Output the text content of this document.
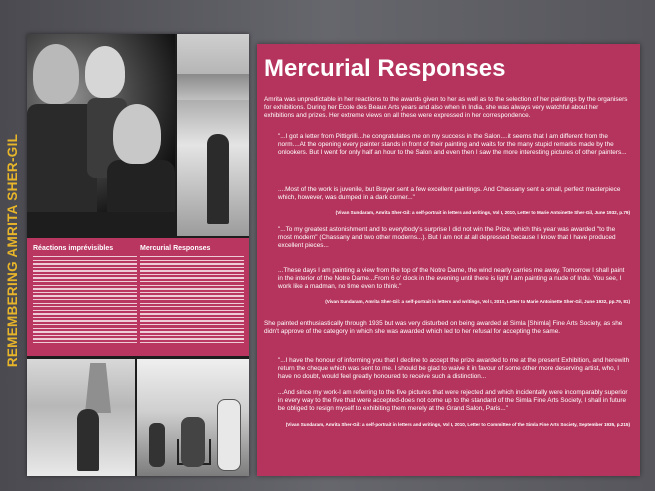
REMEMBERING AMRITA SHER-GIL Réactions imprévisibles	Mercurial Responses
Mercurial Responses

Amrita was unpredictable in her reactions to the awards given to her as well as to the selection of her paintings by the organisers for exhibitions. During her Ecole des Beaux Arts years and also when in India, she was always very watchful about her exhibitions and prizes. Her extreme views on all these were expressed in her correspondence.

"...I got a letter from Pittigrilli...he congratulates me on my success in the Salon....it seems that I am different from the norm....At the opening every painter stands in front of their painting and waits for the many stupid remarks made by the onlookers. But I went for only half an hour to the Salon and even then I saw the more interesting pictures of other painters...

....Most of the work is juvenile, but Brayer sent a few excellent paintings. And Chassany sent a small, perfect masterpiece which, however, was dumped in a dark corner..."

(Vivan Sundaram, Amrita Sher-Gil: a self-portrait in letters and writings, Vol I, 2010, Letter to Marie Antoinette Sher-Gil, June 1932, p.79)

"...To my greatest astonishment and to everybody's surprise I did not win the Prize, which this year was awarded "to the most modern" (Chassany and two other moderns...). But I am not at all depressed because I know that I have produced excellent pieces...

...These days I am painting a view from the top of the Notre Dame, the wind nearly carries me away. Tomorrow I shall paint in the interior of the Notre Dame...From 6 o' clock in the evening until there is light I am painting a nude of Indu. You see, I work like a madman, no time even to think."

(Vivan Sundaram, Amrita Sher-Gil: a self-portrait in letters and writings, Vol I, 2010, Letter to Marie Antoinette Sher-Gil, June 1932, pp.79, 81)

She painted enthusiastically through 1935 but was very disturbed on being awarded at Simla [Shimla] Fine Arts Society, as she didn't approve of the category in which she was awarded which led to her refusal for accepting the same.

"...I have the honour of informing you that I decline to accept the prize awarded to me at the present Exhibition, and herewith return the cheque which was sent to me. I should be glad to waive it in favour of some other more deserving artist, who, I have no doubt, would feel greatly honoured to receive such a distinction...

...And since my work-I am referring to the five pictures that were rejected and which incidentally were incomparably superior in every way to the five that were accepted-does not come up to the standard of the Simla Fine Arts Society, I shall in future be obliged to resign myself to exhibiting them merely at the Grand Salon, Paris..."

(Vivan Sundaram, Amrita Sher-Gil: a self-portrait in letters and writings, Vol I, 2010, Letter to Committee of the Simla Fine Arts Society, September 1935, p.215)
